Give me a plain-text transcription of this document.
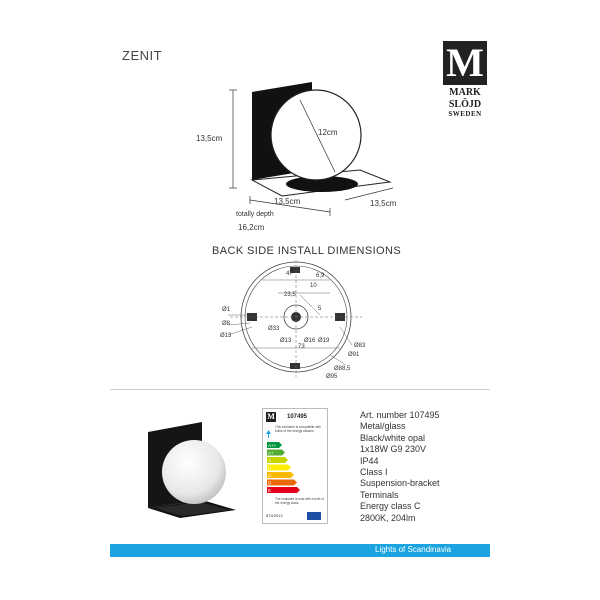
ZENIT	M
MARK
SLÖJD
SWEDEN
13,5cm
12cm
13,5cm	13,5cm
totally depth
16,2cm
BACK SIDE INSTALL DIMENSIONS
Ø1
Ø8
Ø13
Ø33
Ø13 Ø16 Ø19
Ø83
Ø91
Ø88,5
Ø95
73
47
10
23,5
6,9
5
M 107495
This luminaire is compatible with bulbs of the energy classes:
A++
A+
A
B
C
D
E
The luminaire is sold with a bulb of the energy class:
874/2012
Art. number 107495
Metal/glass
Black/white opal
1x18W G9 230V
IP44
Class I
Suspension-bracket
Terminals
Energy class C
2800K, 204lm
Lights of Scandinavia
